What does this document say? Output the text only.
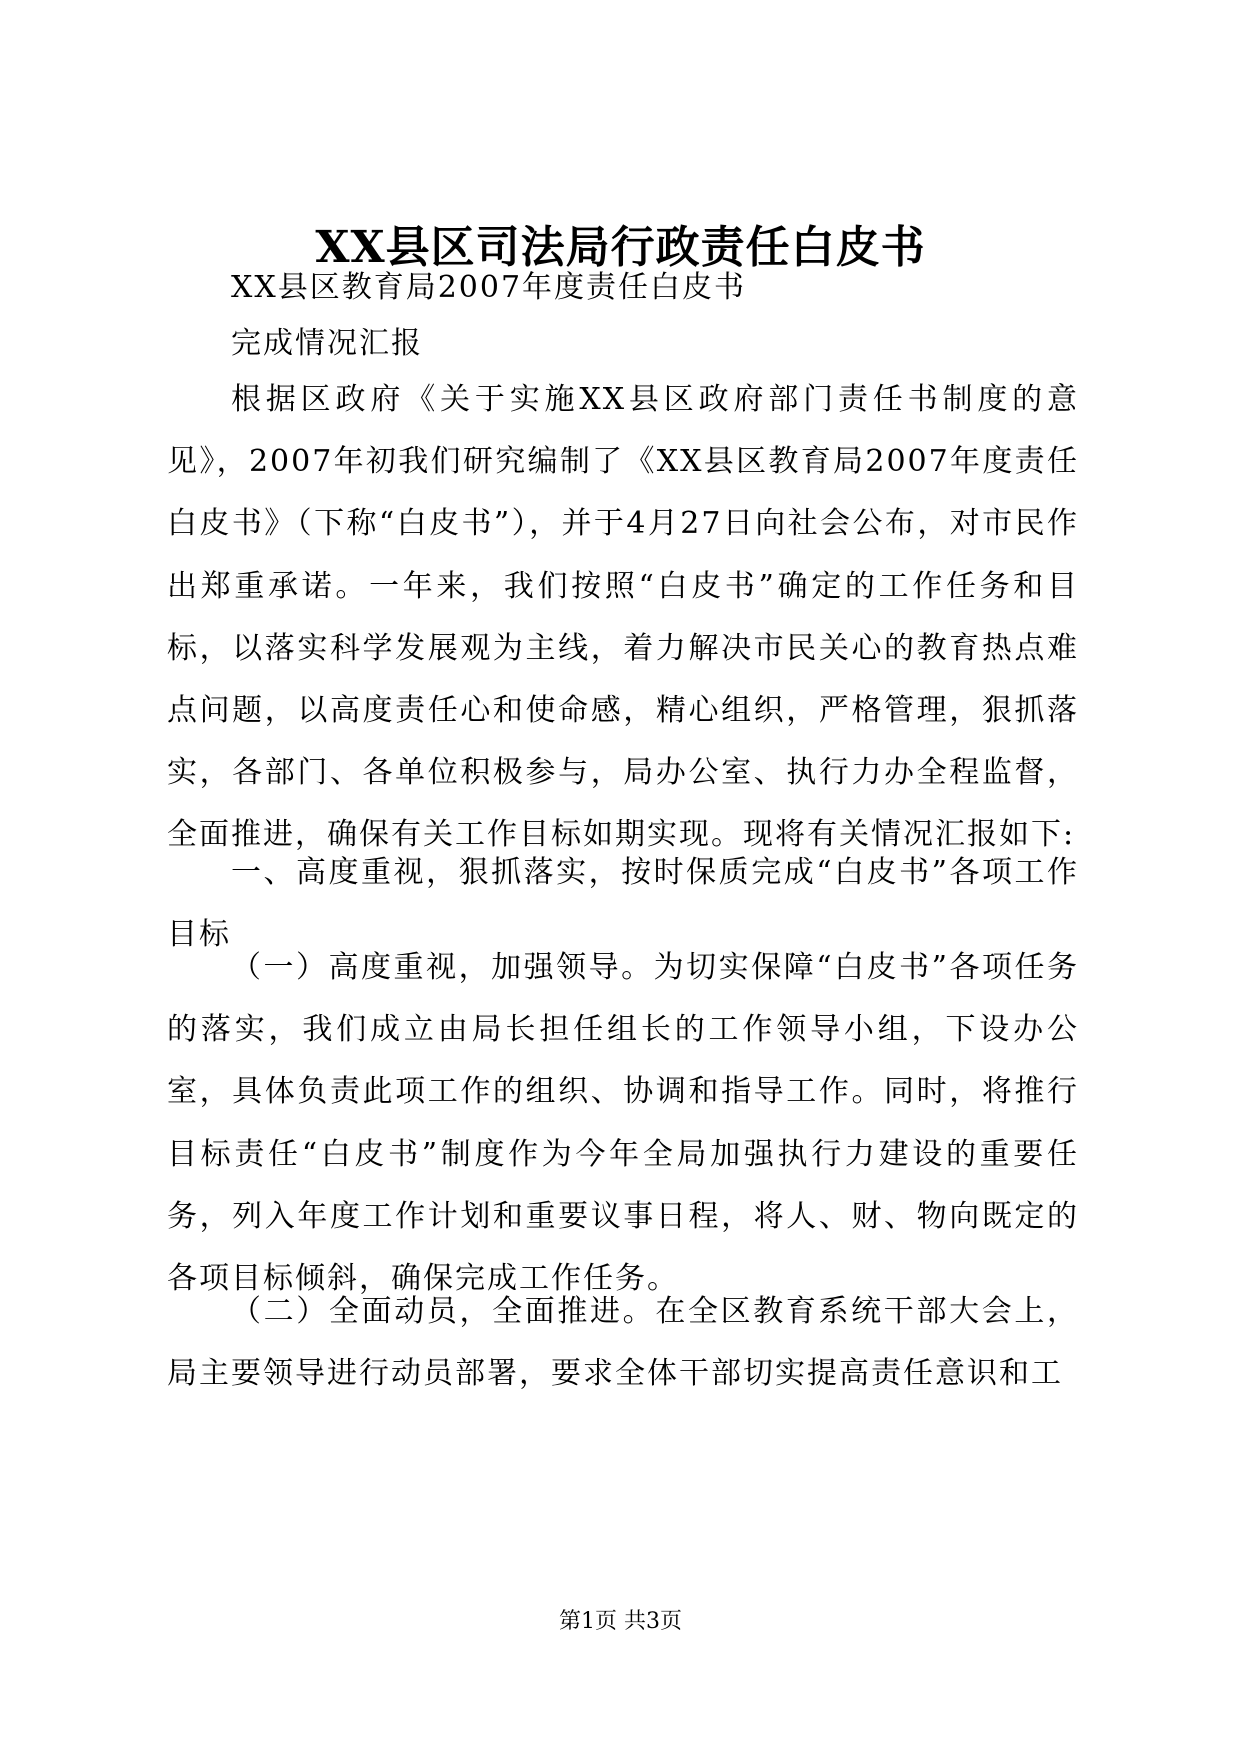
XX县区司法局行政责任白皮书

XX县区教育局2007年度责任白皮书

完成情况汇报

根据区政府《关于实施XX县区政府部门责任书制度的意见》，2007年初我们研究编制了《XX县区教育局2007年度责任白皮书》（下称“白皮书”），并于4月27日向社会公布，对市民作出郑重承诺。一年来，我们按照“白皮书”确定的工作任务和目标，以落实科学发展观为主线，着力解决市民关心的教育热点难点问题，以高度责任心和使命感，精心组织，严格管理，狠抓落实，各部门、各单位积极参与，局办公室、执行力办全程监督，全面推进，确保有关工作目标如期实现。现将有关情况汇报如下:

一、高度重视，狠抓落实，按时保质完成“白皮书”各项工作目标

（一）高度重视，加强领导。为切实保障“白皮书”各项任务的落实，我们成立由局长担任组长的工作领导小组，下设办公室，具体负责此项工作的组织、协调和指导工作。同时，将推行目标责任“白皮书”制度作为今年全局加强执行力建设的重要任务，列入年度工作计划和重要议事日程，将人、财、物向既定的各项目标倾斜，确保完成工作任务。

（二）全面动员，全面推进。在全区教育系统干部大会上，局主要领导进行动员部署，要求全体干部切实提高责任意识和工

第1页 共3页
